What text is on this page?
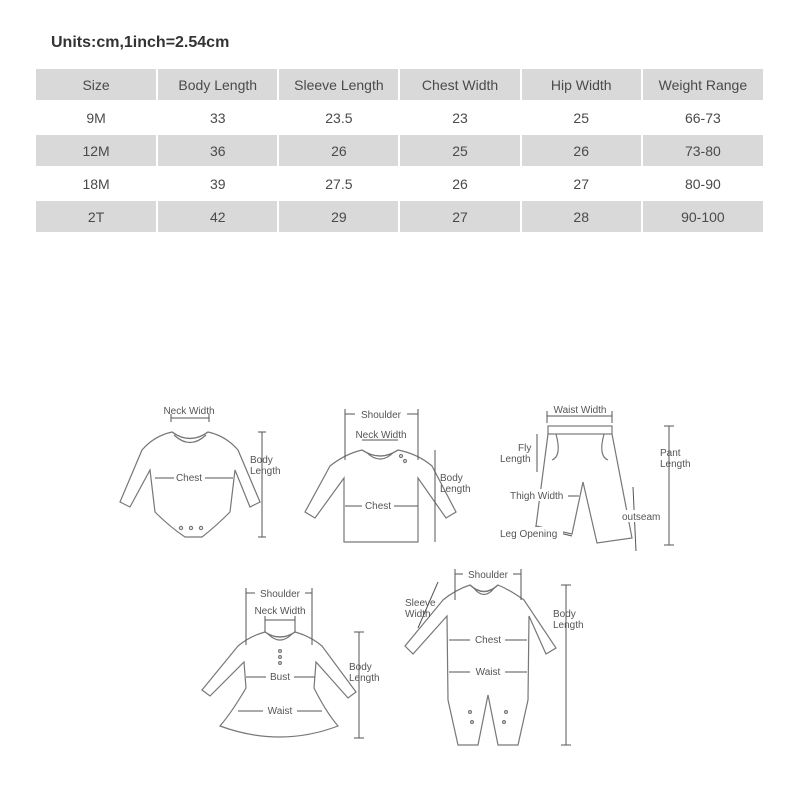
Units:cm,1inch=2.54cm
Size	Body Length	Sleeve Length	Chest Width	Hip Width	Weight Range
9M	33	23.5	23	25	66-73
12M	36	26	25	26	73-80
18M	39	27.5	26	27	80-90
2T	42	29	27	28	90-100
Neck Width
Chest
Body
Length
Shoulder
Neck Width
Chest
Body
Length
Waist Width
Fly
Length
Pant
Length
Thigh Width
outseam
Leg Opening
Shoulder
Neck Width
Bust
Waist
Body
Length
Shoulder
Sleeve
Width
Chest
Waist
Body
Length
